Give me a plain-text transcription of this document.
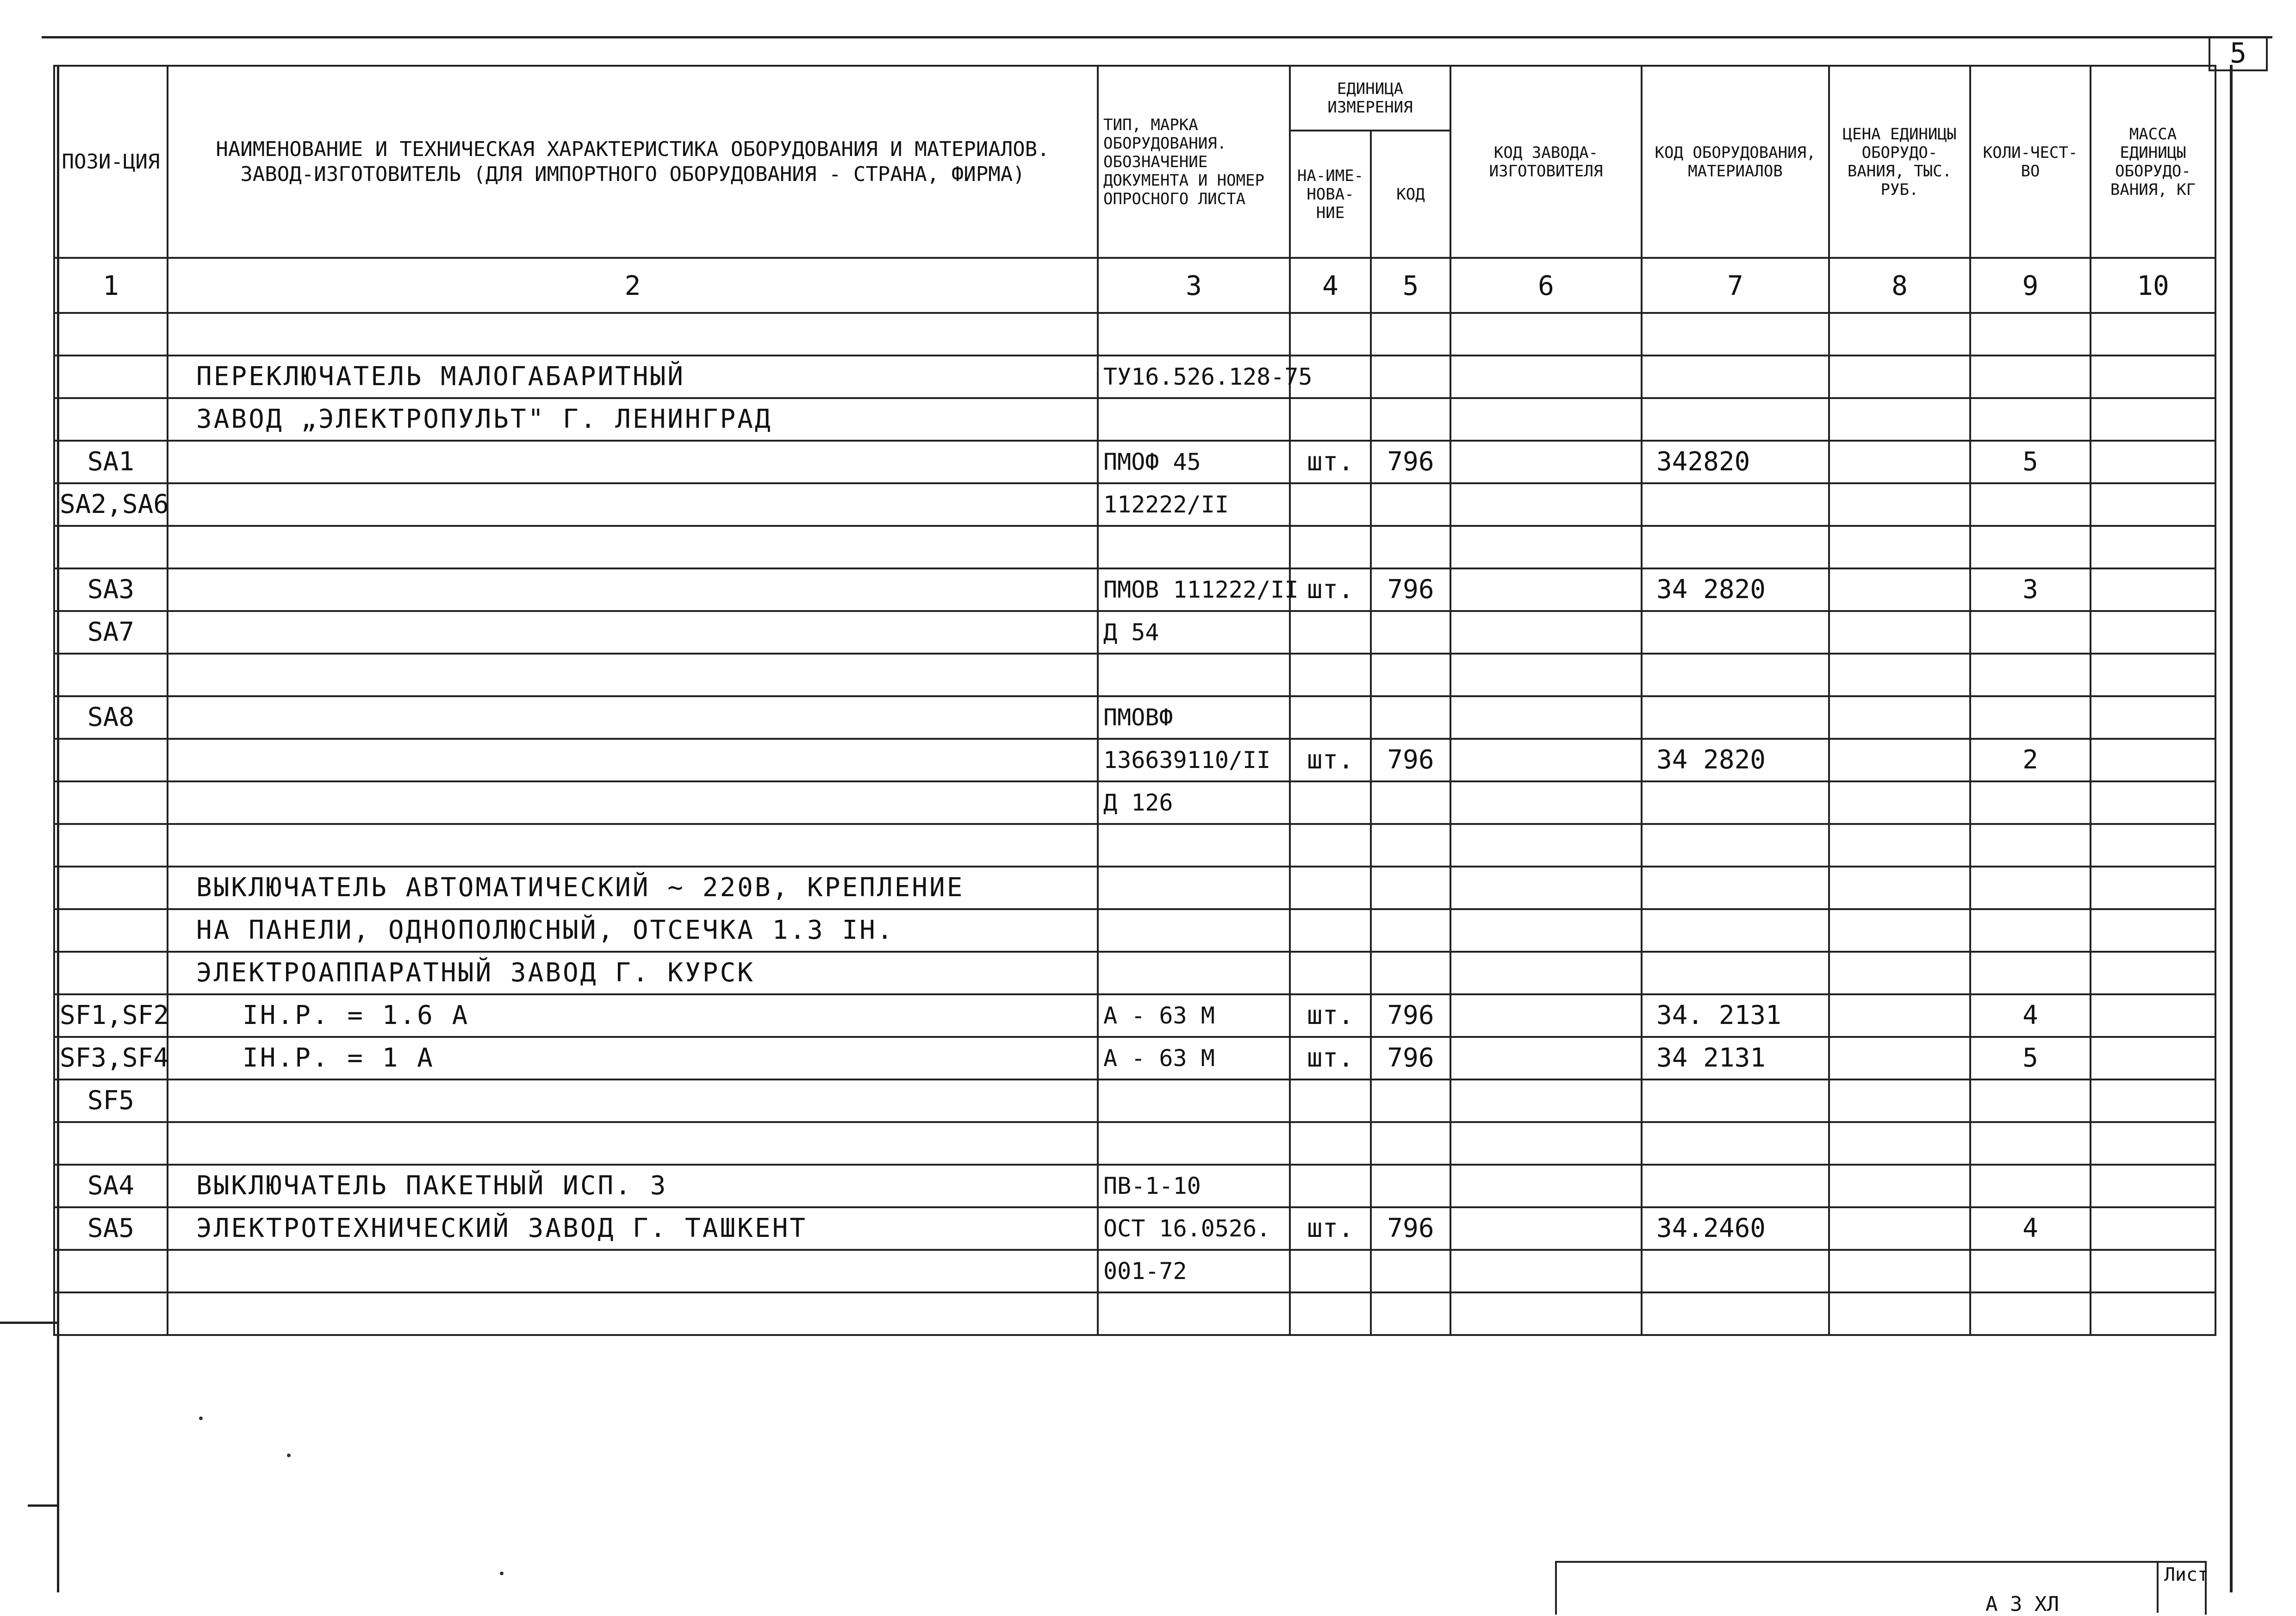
5
ПОЗИ-ЦИЯ	НАИМЕНОВАНИЕ И ТЕХНИЧЕСКАЯ ХАРАКТЕРИСТИКА ОБОРУДОВАНИЯ И МАТЕРИАЛОВ. ЗАВОД-ИЗГОТОВИТЕЛЬ (ДЛЯ ИМПОРТНОГО ОБОРУДОВАНИЯ - СТРАНА, ФИРМА)	ТИП, МАРКА ОБОРУДОВАНИЯ. ОБОЗНАЧЕНИЕ ДОКУМЕНТА И НОМЕР ОПРОСНОГО ЛИСТА	ЕДИНИЦА ИЗМЕРЕНИЯ		КОД ЗАВОДА-ИЗГОТОВИТЕЛЯ	КОД ОБОРУДОВАНИЯ, МАТЕРИАЛОВ	ЦЕНА ЕДИНИЦЫ ОБОРУДО-ВАНИЯ, ТЫС. РУБ.	КОЛИ-ЧЕСТ-ВО	МАССА ЕДИНИЦЫ ОБОРУДО-ВАНИЯ, КГ
			НА-ИМЕ-НОВА-НИЕ	КОД					
1	2	3	4	5	6	7	8	9	10

	ПЕРЕКЛЮЧАТЕЛЬ МАЛОГАБАРИТНЫЙ	ТУ16.526.128-75							
	ЗАВОД „ЭЛЕКТРОПУЛЬТ" Г. ЛЕНИНГРАД								
SA1		ПМОФ 45	шт.	796		342820		5	
SA2,SA6		112222/II							

SA3		ПМОВ 111222/II	шт.	796		34 2820		3	
SA7		Д 54							

SA8		ПМОВФ							
		136639110/II	шт.	796		34 2820		2	
		Д 126							

	ВЫКЛЮЧАТЕЛЬ АВТОМАТИЧЕСКИЙ ~ 220В, КРЕПЛЕНИЕ								
	НА ПАНЕЛИ, ОДНОПОЛЮСНЫЙ, ОТСЕЧКА 1.3 IН.								
	ЭЛЕКТРОАППАРАТНЫЙ ЗАВОД Г. КУРСК								
SF1,SF2	IН.Р. = 1.6 А	А - 63 М	шт.	796		34. 2131		4	
SF3,SF4	IН.Р. = 1 А	А - 63 М	шт.	796		34 2131		5	
SF5									

SA4	ВЫКЛЮЧАТЕЛЬ ПАКЕТНЫЙ ИСП. 3	ПВ-1-10							
SA5	ЭЛЕКТРОТЕХНИЧЕСКИЙ ЗАВОД Г. ТАШКЕНТ	ОСТ 16.0526.	шт.	796		34.2460		4	
		001-72							

А 3 ХЛ
Лист
